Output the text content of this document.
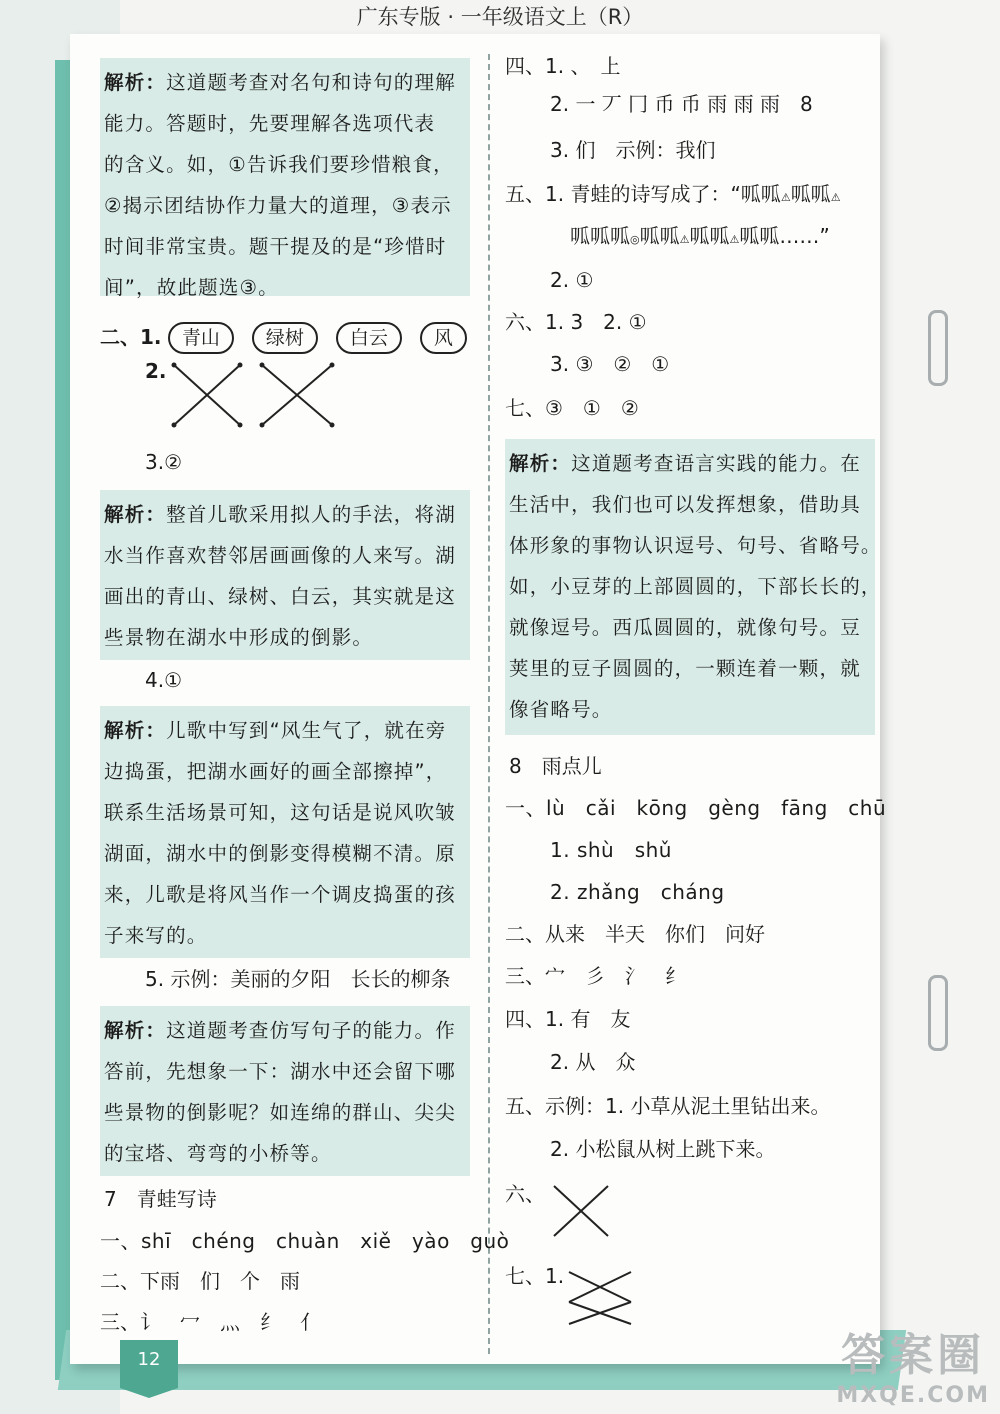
广东专版 · 一年级语文上（R）

解析：这道题考查对名句和诗句的理解

能力。答题时，先要理解各选项代表

的含义。如，①告诉我们要珍惜粮食，

②揭示团结协作力量大的道理，③表示

时间非常宝贵。题干提及的是“珍惜时

间”，故此题选③。

二、1. 青山 绿树 白云 风
2.
3.②

解析：整首儿歌采用拟人的手法，将湖

水当作喜欢替邻居画画像的人来写。湖

画出的青山、绿树、白云，其实就是这

些景物在湖水中形成的倒影。

4.①

解析：儿歌中写到“风生气了，就在旁

边捣蛋，把湖水画好的画全部擦掉”，

联系生活场景可知，这句话是说风吹皱

湖面，湖水中的倒影变得模糊不清。原

来，儿歌是将风当作一个调皮捣蛋的孩

子来写的。

5. 示例：美丽的夕阳　长长的柳条

解析：这道题考查仿写句子的能力。作

答前，先想象一下：湖水中还会留下哪

些景物的倒影呢？如连绵的群山、尖尖

的宝塔、弯弯的小桥等。

7　青蛙写诗
一、shī　chéng　chuàn　xiě　yào　guò
二、下雨　们　个　雨
三、讠　冖　灬　纟　亻
四、1. 、　上
2. 一 丆 冂 币 币 雨 雨 雨　8
3. 们　示例：我们
五、1. 青蛙的诗写成了：“呱呱⚠呱呱⚠
呱呱呱◎呱呱⚠呱呱⚠呱呱……”
2. ①
六、1. 3　2. ①
3. ③　②　①
七、③　①　②

解析：这道题考查语言实践的能力。在

生活中，我们也可以发挥想象，借助具

体形象的事物认识逗号、句号、省略号。

如，小豆芽的上部圆圆的，下部长长的，

就像逗号。西瓜圆圆的，就像句号。豆

荚里的豆子圆圆的，一颗连着一颗，就

像省略号。

8　雨点儿
一、lù　cǎi　kōng　gèng　fāng　chū
1. shù　shǔ
2. zhǎng　cháng
二、从来　半天　你们　问好
三、宀　彡　氵　纟
四、1. 有　友
2. 从　众
五、示例：1. 小草从泥土里钻出来。
2. 小松鼠从树上跳下来。
六、
七、1.
12	答案圈
MXQE.COM
